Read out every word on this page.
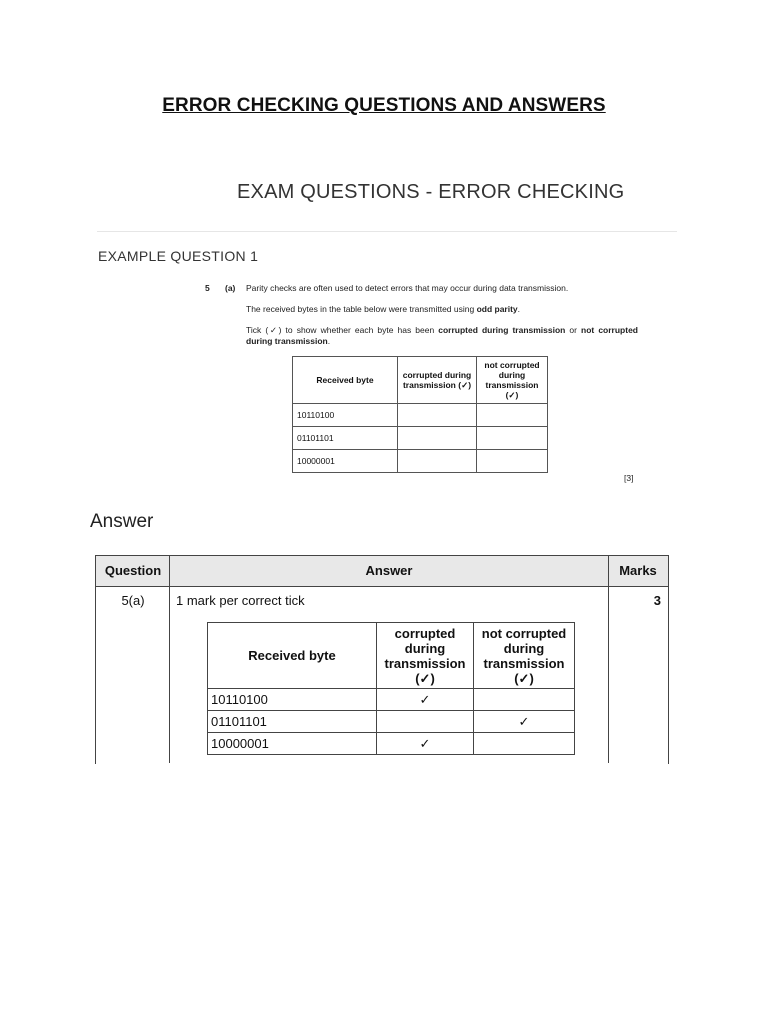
ERROR CHECKING QUESTIONS AND ANSWERS
EXAM QUESTIONS - ERROR CHECKING
EXAMPLE QUESTION 1
5 (a) Parity checks are often used to detect errors that may occur during data transmission.
The received bytes in the table below were transmitted using odd parity.
Tick (✓) to show whether each byte has been corrupted during transmission or not corrupted during transmission.
Received byte	corrupted during transmission (✓)	not corrupted during transmission (✓)
10110100		
01101101		
10000001		
[3]
Answer
Question	Answer	Marks
5(a)	1 mark per correct tick	3
Received byte	corrupted during transmission (✓)	not corrupted during transmission (✓)
10110100	✓	
01101101		✓
10000001	✓	
